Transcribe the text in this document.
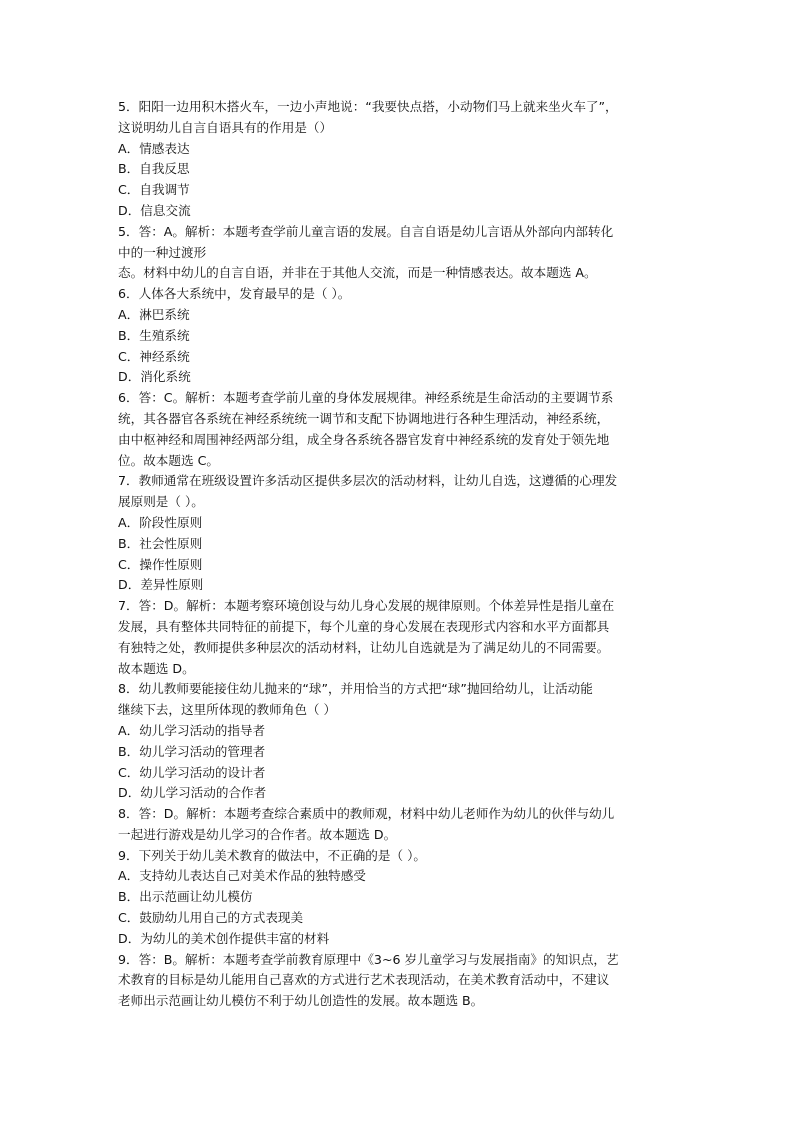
5．阳阳一边用积木搭火车，一边小声地说：“我要快点搭，小动物们马上就来坐火车了”，
这说明幼儿自言自语具有的作用是（）
A．情感表达
B．自我反思
C．自我调节
D．信息交流
5．答：A。解析：本题考查学前儿童言语的发展。自言自语是幼儿言语从外部向内部转化
中的一种过渡形
态。材料中幼儿的自言自语，并非在于其他人交流，而是一种情感表达。故本题选 A。
6．人体各大系统中，发育最早的是（ ）。
A．淋巴系统
B．生殖系统
C．神经系统
D．消化系统
6．答：C。解析：本题考查学前儿童的身体发展规律。神经系统是生命活动的主要调节系
统，其各器官各系统在神经系统统一调节和支配下协调地进行各种生理活动，神经系统，
由中枢神经和周围神经两部分组，成全身各系统各器官发育中神经系统的发育处于领先地
位。故本题选 C。
7．教师通常在班级设置许多活动区提供多层次的活动材料，让幼儿自选，这遵循的心理发
展原则是（ ）。
A．阶段性原则
B．社会性原则
C．操作性原则
D．差异性原则
7．答：D。解析：本题考察环境创设与幼儿身心发展的规律原则。个体差异性是指儿童在
发展，具有整体共同特征的前提下，每个儿童的身心发展在表现形式内容和水平方面都具
有独特之处，教师提供多种层次的活动材料，让幼儿自选就是为了满足幼儿的不同需要。
故本题选 D。
8．幼儿教师要能接住幼儿抛来的“球”，并用恰当的方式把“球”抛回给幼儿，让活动能
继续下去，这里所体现的教师角色（ ）
A．幼儿学习活动的指导者
B．幼儿学习活动的管理者
C．幼儿学习活动的设计者
D．幼儿学习活动的合作者
8．答：D。解析：本题考查综合素质中的教师观，材料中幼儿老师作为幼儿的伙伴与幼儿
一起进行游戏是幼儿学习的合作者。故本题选 D。
9．下列关于幼儿美术教育的做法中，不正确的是（ ）。
A．支持幼儿表达自己对美术作品的独特感受
B．出示范画让幼儿模仿
C．鼓励幼儿用自己的方式表现美
D．为幼儿的美术创作提供丰富的材料
9．答：B。解析：本题考查学前教育原理中《3~6 岁儿童学习与发展指南》的知识点，艺
术教育的目标是幼儿能用自己喜欢的方式进行艺术表现活动，在美术教育活动中，不建议
老师出示范画让幼儿模仿不利于幼儿创造性的发展。故本题选 B。
